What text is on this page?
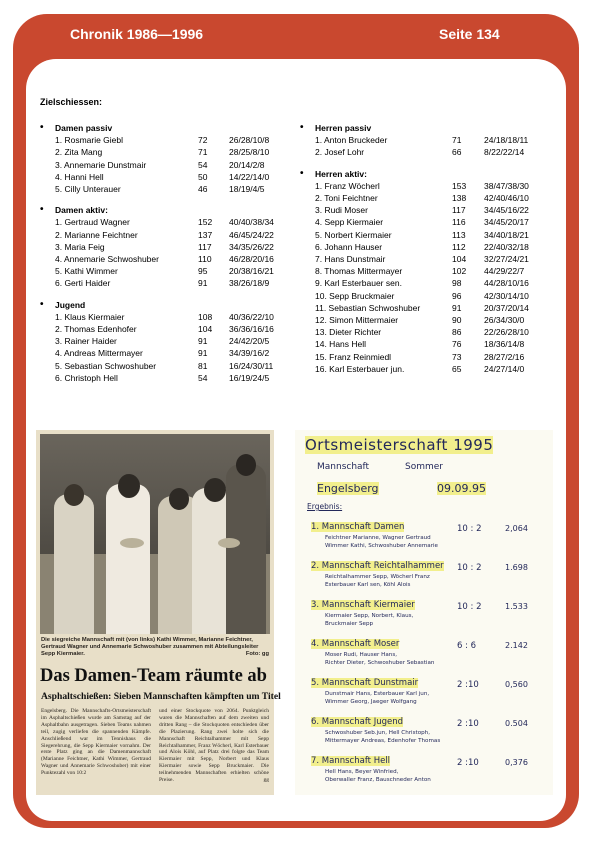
Chronik 1986—1996	Seite 134
Zielschiessen:
• Damen passiv
1. Rosmarie Giebl	72	26/28/10/8
2. Zita Mang	71	28/25/8/10
3. Annemarie Dunstmair	54	20/14/2/8
4. Hanni Hell	50	14/22/14/0
5. Cilly Unterauer	46	18/19/4/5
• Damen aktiv:
1. Gertraud Wagner	152	40/40/38/34
2. Marianne Feichtner	137	46/45/24/22
3. Maria Feig	117	34/35/26/22
4. Annemarie Schwoshuber	110	46/28/20/16
5. Kathi Wimmer	95	20/38/16/21
6. Gerti Haider	91	38/26/18/9
• Jugend
1. Klaus Kiermaier	108	40/36/22/10
2. Thomas Edenhofer	104	36/36/16/16
3. Rainer Haider	91	24/42/20/5
4. Andreas Mittermayer	91	34/39/16/2
5. Sebastian Schwoshuber	81	16/24/30/11
6. Christoph Hell	54	16/19/24/5
• Herren passiv
1. Anton Bruckeder	71	24/18/18/11
2. Josef Lohr	66	8/22/22/14
• Herren aktiv:
1. Franz Wöcherl	153	38/47/38/30
2. Toni Feichtner	138	42/40/46/10
3. Rudi Moser	117	34/45/16/22
4. Sepp Kiermaier	116	34/45/20/17
5. Norbert Kiermaier	113	34/40/18/21
6. Johann Hauser	112	22/40/32/18
7. Hans Dunstmair	104	32/27/24/21
8. Thomas Mittermayer	102	44/29/22/7
9. Karl Esterbauer sen.	98	44/28/10/16
10. Sepp Bruckmaier	96	42/30/14/10
11. Sebastian Schwoshuber	91	20/37/20/14
12. Simon Mittermaier	90	26/34/30/0
13. Dieter Richter	86	22/26/28/10
14. Hans Hell	76	18/36/14/8
15. Franz Reinmiedl	73	28/27/2/16
16. Karl Esterbauer jun.	65	24/27/14/0
Die siegreiche Mannschaft mit (von links) Kathi Wimmer, Marianne Feichtner, Gertraud Wagner und Annemarie Schwoshuber zusammen mit Abteilungsleiter Sepp Kiermaier.	Foto: gg
Das Damen-Team räumte ab
Asphaltschießen: Sieben Mannschaften kämpften um Titel
Engelsberg. Die Mannschafts-Ortsmeisterschaft im Asphaltschießen wurde am Samstag auf der Asphaltbahn ausgetragen. Sieben Teams nahmen teil, zugig verliefen die spannenden Kämpfe. Anschließend war im Tennishaus die Siegerehrung, die Sepp Kiermaier vornahm. Der erste Platz ging an die Damenmannschaft (Marianne Feichtner, Kathi Wimmer, Gertraud Wagner und Annemarie Schwoshuber) mit einer Punktezahl von 10:2
und einer Stockquote von 2064. Punktgleich waren die Mannschaften auf dem zweiten und dritten Rang – die Stockquoten entschieden über die Plazierung. Rang zwei holte sich die Mannschaft Reichtalhammer mit Sepp Reichtalhammer, Franz Wöcherl, Karl Esterbauer und Alois Köhl, auf Platz drei folgte das Team Kiermaier mit Sepp, Norbert und Klaus Kiermaier sowie Sepp Bruckmaier. Die teilnehmenden Mannschaften erhielten schöne Preise.	gg
Ortsmeisterschaft 1995
Mannschaft	Sommer
Engelsberg	09.09.95
Ergebnis:
1. Mannschaft Damen	10 : 2	2,064
Feichtner Marianne, Wagner Gertraud
Wimmer Kathi, Schwoshuber Annemarie
2. Mannschaft Reichtalhammer 10 : 2	1.698
Reichtalhammer Sepp, Wöcherl Franz
Esterbauer Karl sen, Köhl Alois
3. Mannschaft Kiermaier	10 : 2	1.533
Kiermaier Sepp, Norbert, Klaus,
Bruckmaier Sepp
4. Mannschaft Moser	6 : 6	2.142
Moser Rudi, Hauser Hans,
Richter Dieter, Schwoshuber Sebastian
5. Mannschaft Dunstmair	2 :10	0,560
Dunstmair Hans, Esterbauer Karl jun,
Wimmer Georg, Jaeger Wolfgang
6. Mannschaft Jugend	2 :10	0.504
Schwoshuber Seb.jun, Hell Christoph,
Mittermayer Andreas, Edenhofer Thomas
7. Mannschaft Hell	2 :10	0,376
Hell Hans, Beyer Winfried,
Oberwaller Franz, Bauschneder Anton
